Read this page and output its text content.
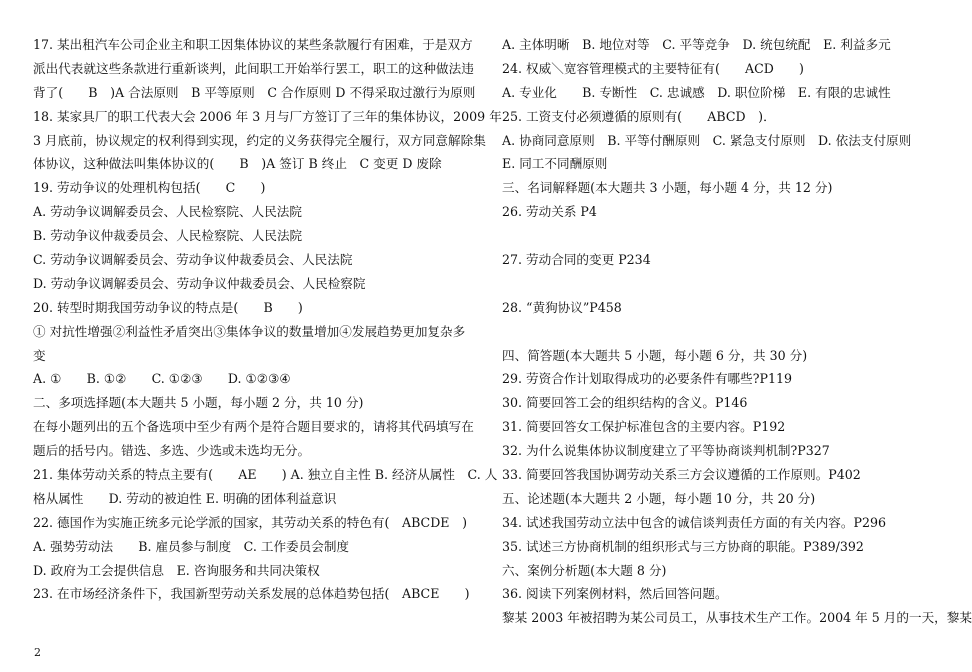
17. 某出租汽车公司企业主和职工因集体协议的某些条款履行有困难，于是双方
派出代表就这些条款进行重新谈判，此间职工开始举行罢工，职工的这种做法违
背了(　　B　)A 合法原则　B 平等原则　C 合作原则 D 不得采取过激行为原则
18. 某家具厂的职工代表大会 2006 年 3 月与厂方签订了三年的集体协议，2009 年
3 月底前，协议规定的权利得到实现，约定的义务获得完全履行，双方同意解除集
体协议，这种做法叫集体协议的(　　B　)A 签订 B 终止　C 变更 D 废除
19. 劳动争议的处理机构包括(　　C　　)
A. 劳动争议调解委员会、人民检察院、人民法院
B. 劳动争议仲裁委员会、人民检察院、人民法院
C. 劳动争议调解委员会、劳动争议仲裁委员会、人民法院
D. 劳动争议调解委员会、劳动争议仲裁委员会、人民检察院
20. 转型时期我国劳动争议的特点是(　　B　　)
① 对抗性增强②利益性矛盾突出③集体争议的数量增加④发展趋势更加复杂多
变
A. ①　　B. ①②　　C. ①②③　　D. ①②③④
二、多项选择题(本大题共 5 小题，每小题 2 分，共 10 分)
在每小题列出的五个备选项中至少有两个是符合题目要求的，请将其代码填写在
题后的括号内。错选、多选、少选或未选均无分。
21. 集体劳动关系的特点主要有(　　AE　　) A. 独立自主性 B. 经济从属性　C. 人
格从属性　　D. 劳动的被迫性 E. 明确的团体利益意识
22. 德国作为实施正统多元论学派的国家，其劳动关系的特色有(　ABCDE　)
A. 强势劳动法　　B. 雇员参与制度　C. 工作委员会制度
D. 政府为工会提供信息　E. 咨询服务和共同决策权
23. 在市场经济条件下，我国新型劳动关系发展的总体趋势包括(　ABCE　　)
A. 主体明晰　B. 地位对等　C. 平等竞争　D. 统包统配　E. 利益多元
24. 权威＼宽容管理模式的主要特征有(　　ACD　　)
A. 专业化　　B. 专断性　C. 忠诚感　D. 职位阶梯　E. 有限的忠诚性
25. 工资支付必须遵循的原则有(　　ABCD　)．
A. 协商同意原则　B. 平等付酬原则　C. 紧急支付原则　D. 依法支付原则
E. 同工不同酬原则
三、名词解释题(本大题共 3 小题，每小题 4 分，共 12 分)
26. 劳动关系 P4
27. 劳动合同的变更 P234
28. “黄狗协议”P458
四、简答题(本大题共 5 小题，每小题 6 分，共 30 分)
29. 劳资合作计划取得成功的必要条件有哪些?P119
30. 简要回答工会的组织结构的含义。P146
31. 简要回答女工保护标准包含的主要内容。P192
32. 为什么说集体协议制度建立了平等协商谈判机制?P327
33. 简要回答我国协调劳动关系三方会议遵循的工作原则。P402
五、论述题(本大题共 2 小题，每小题 10 分，共 20 分)
34. 试述我国劳动立法中包含的诚信谈判责任方面的有关内容。P296
35. 试述三方协商机制的组织形式与三方协商的职能。P389/392
六、案例分析题(本大题 8 分)
36. 阅读下列案例材料，然后回答问题。
黎某 2003 年被招聘为某公司员工，从事技术生产工作。2004 年 5 月的一天，黎某
2
